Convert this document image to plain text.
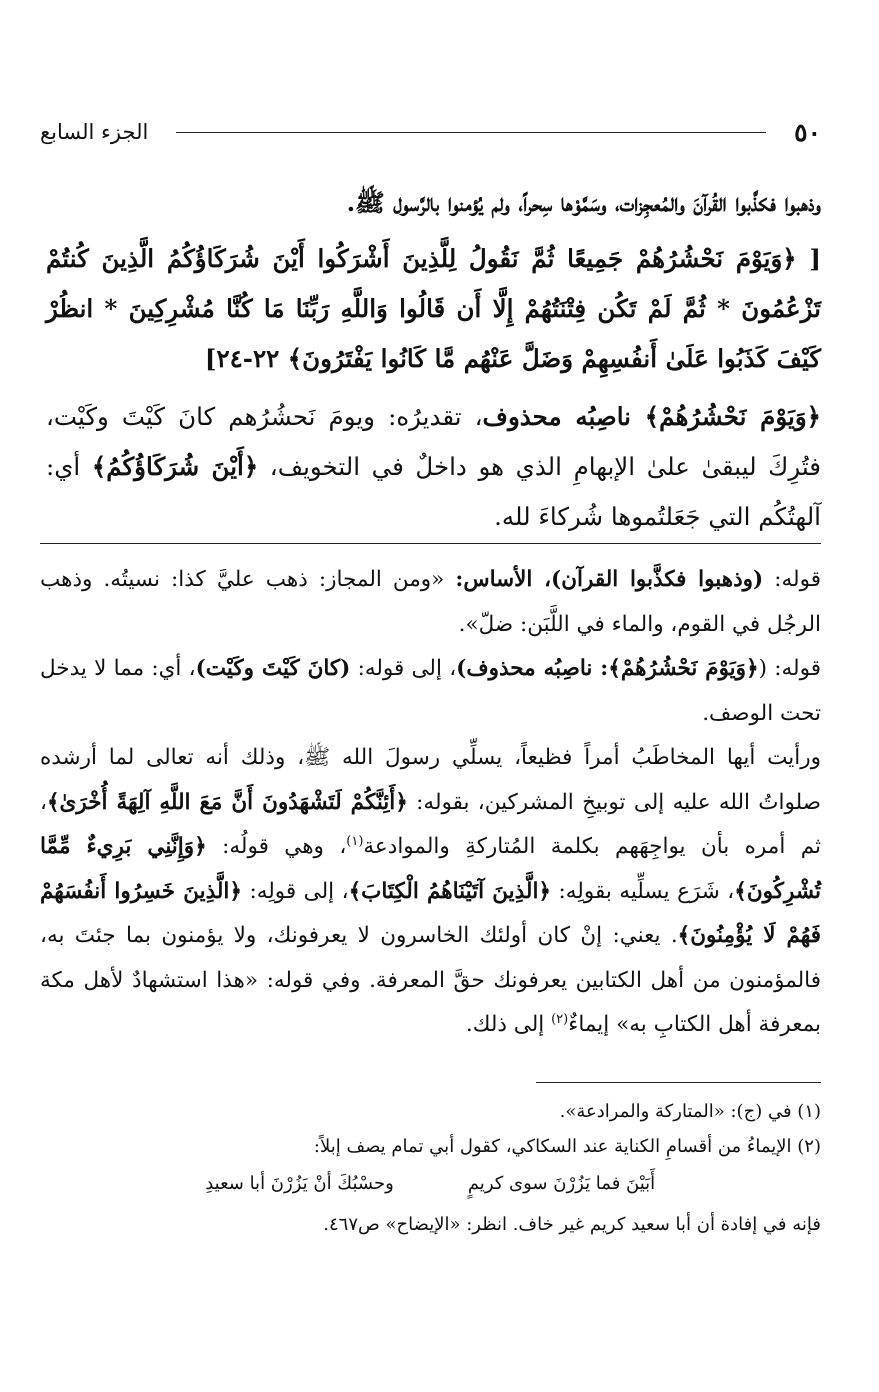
٥٠
الجزء السابع

وذهبوا فكذَّبوا القُرآنَ والمُعجِزات، وسَمَّوْها سِحراً، ولم يُؤمنوا بالرَّسول ﷺ.

[ ﴿وَيَوْمَ نَحْشُرُهُمْ جَمِيعًا ثُمَّ نَقُولُ لِلَّذِينَ أَشْرَكُوا أَيْنَ شُرَكَاؤُكُمُ الَّذِينَ كُنتُمْ تَزْعُمُونَ * ثُمَّ لَمْ تَكُن فِتْنَتُهُمْ إِلَّا أَن قَالُوا وَاللَّهِ رَبِّنَا مَا كُنَّا مُشْرِكِينَ * انظُرْ كَيْفَ كَذَبُوا عَلَىٰ أَنفُسِهِمْ وَضَلَّ عَنْهُم مَّا كَانُوا يَفْتَرُونَ﴾ ٢٢-٢٤]

﴿وَيَوْمَ نَحْشُرُهُمْ﴾ ناصِبُه محذوف، تقديرُه: ويومَ نَحشُرُهم كانَ كَيْتَ وكَيْت، فتُرِكَ ليبقىٰ علىٰ الإبهامِ الذي هو داخلٌ في التخويف، ﴿أَيْنَ شُرَكَاؤُكُمُ﴾ أي: آلهتُكُم التي جَعَلتُموها شُركاءَ لله.

قوله: (وذهبوا فكذَّبوا القرآن)، الأساس: «ومن المجاز: ذهب عليَّ كذا: نسيتُه. وذهب الرجُل في القوم، والماء في اللَّبَن: ضلّ».

قوله: (﴿وَيَوْمَ نَحْشُرُهُمْ﴾: ناصِبُه محذوف)، إلى قوله: (كانَ كَيْتَ وكَيْت)، أي: مما لا يدخل تحت الوصف.

ورأيت أيها المخاطَبُ أمراً فظيعاً، يسلِّي رسولَ الله ﷺ، وذلك أنه تعالى لما أرشده صلواتُ الله عليه إلى توبيخِ المشركين، بقوله: ﴿أَئِنَّكُمْ لَتَشْهَدُونَ أَنَّ مَعَ اللَّهِ آلِهَةً أُخْرَىٰ﴾، ثم أمره بأن يواجِهَهم بكلمة المُتاركةِ والموادعة$^{(١)}$، وهي قولُه: ﴿وَإِنَّنِي بَرِيءٌ مِّمَّا تُشْرِكُونَ﴾، شَرَع يسلِّيه بقولِه: ﴿الَّذِينَ آتَيْنَاهُمُ الْكِتَابَ﴾، إلى قولِه: ﴿الَّذِينَ خَسِرُوا أَنفُسَهُمْ فَهُمْ لَا يُؤْمِنُونَ﴾. يعني: إنْ كان أولئك الخاسرون لا يعرفونك، ولا يؤمنون بما جئتَ به، فالمؤمنون من أهل الكتابين يعرفونك حقَّ المعرفة. وفي قوله: «هذا استشهادٌ لأهل مكة بمعرفة أهل الكتابِ به» إيماءٌ$^{(٢)}$ إلى ذلك.

(١) في (ج): «المتاركة والمرادعة».

(٢) الإيماءُ من أقسامِ الكناية عند السكاكي، كقول أبي تمام يصف إبلاً:

أَبَيْنَ فما يَزُرْنَ سوى كريمٍ
وحسْبُكَ أنْ يَزُرْنَ أبا سعيدِ

فإنه في إفادة أن أبا سعيد كريم غير خاف. انظر: «الإيضاح» ص٤٦٧.
